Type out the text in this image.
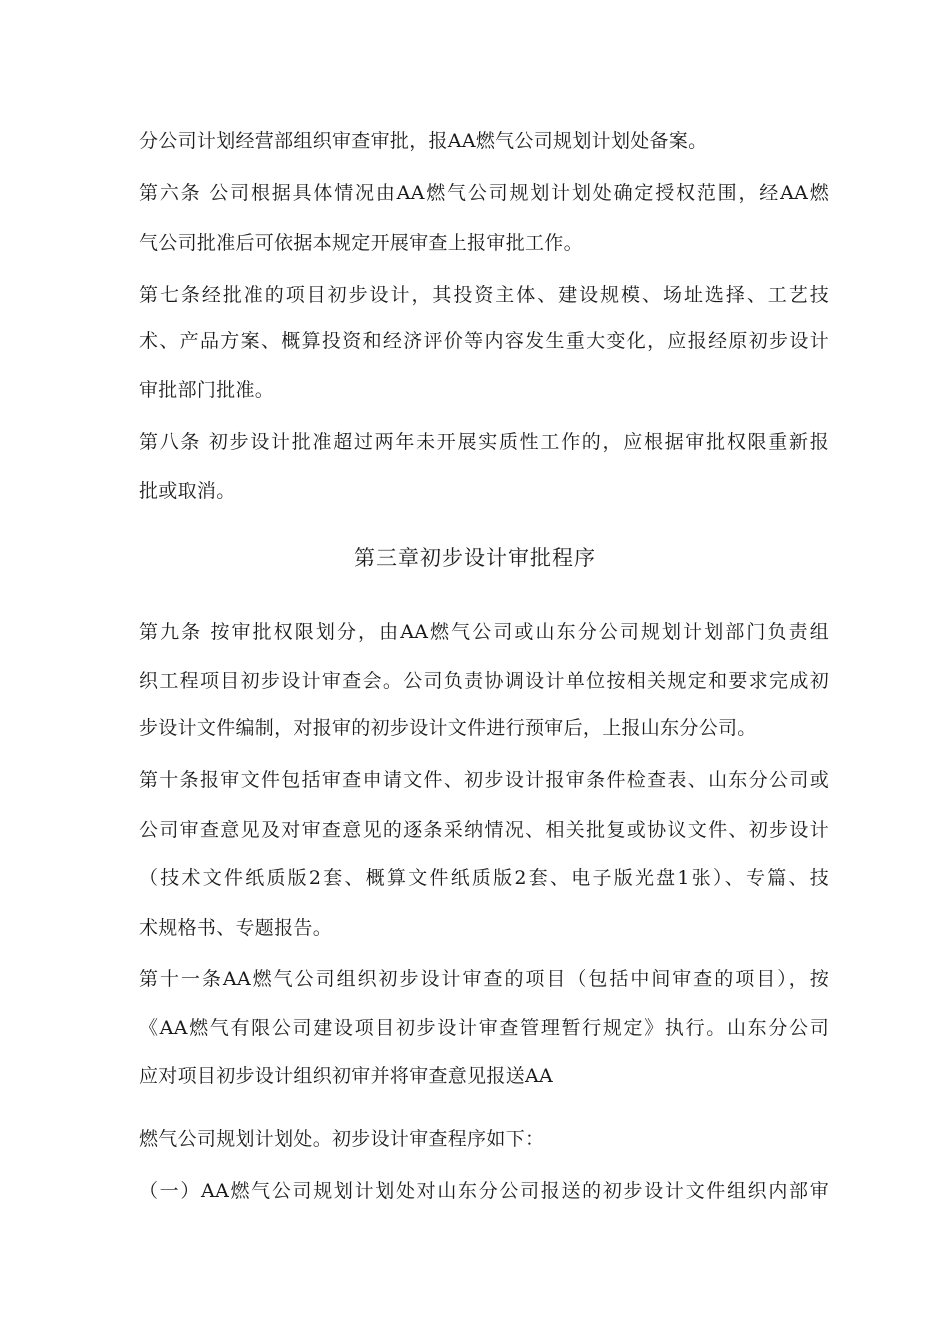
分公司计划经营部组织审查审批，报AA燃气公司规划计划处备案。
第六条 公司根据具体情况由AA燃气公司规划计划处确定授权范围，经AA燃
气公司批准后可依据本规定开展审查上报审批工作。
第七条经批准的项目初步设计，其投资主体、建设规模、场址选择、工艺技
术、产品方案、概算投资和经济评价等内容发生重大变化，应报经原初步设计
审批部门批准。
第八条 初步设计批准超过两年未开展实质性工作的，应根据审批权限重新报
批或取消。
第三章初步设计审批程序
第九条 按审批权限划分，由AA燃气公司或山东分公司规划计划部门负责组
织工程项目初步设计审查会。公司负责协调设计单位按相关规定和要求完成初
步设计文件编制，对报审的初步设计文件进行预审后，上报山东分公司。
第十条报审文件包括审查申请文件、初步设计报审条件检查表、山东分公司或
公司审查意见及对审查意见的逐条采纳情况、相关批复或协议文件、初步设计
（技术文件纸质版2套、概算文件纸质版2套、电子版光盘1张）、专篇、技
术规格书、专题报告。
第十一条AA燃气公司组织初步设计审查的项目（包括中间审查的项目），按
《AA燃气有限公司建设项目初步设计审查管理暂行规定》执行。山东分公司
应对项目初步设计组织初审并将审查意见报送AA
燃气公司规划计划处。初步设计审查程序如下：
（一）AA燃气公司规划计划处对山东分公司报送的初步设计文件组织内部审
